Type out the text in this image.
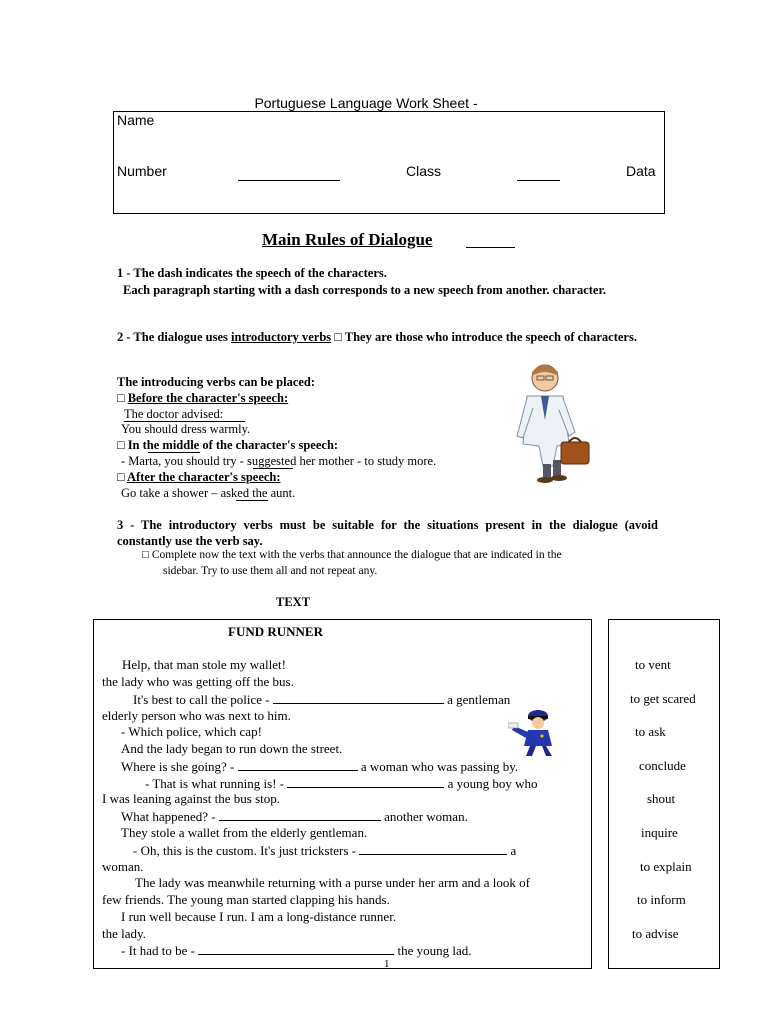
Portuguese Language Work Sheet -
Name
Number	Class	Data
Main Rules of Dialogue
1 - The dash indicates the speech of the characters.
Each paragraph starting with a dash corresponds to a new speech from another. character.
2 - The dialogue uses introductory verbs □ They are those who introduce the speech of characters.
The introducing verbs can be placed:
□ Before the character's speech:
The doctor advised:
You should dress warmly.
□ In the middle of the character's speech:
- Marta, you should try - suggested her mother - to study more.
□ After the character's speech:
Go take a shower – asked the aunt.
3 - The introductory verbs must be suitable for the situations present in the dialogue (avoid constantly use the verb say.
□ Complete now the text with the verbs that announce the dialogue that are indicated in the
sidebar. Try to use them all and not repeat any.
TEXT
FUND RUNNER
Help, that man stole my wallet!
the lady who was getting off the bus.
It's best to call the police -	a gentleman
elderly person who was next to him.
- Which police, which cap!
And the lady began to run down the street.
Where is she going? -	a woman who was passing by.
- That is what running is! -	a young boy who
I was leaning against the bus stop.
What happened? -	another woman.
They stole a wallet from the elderly gentleman.
- Oh, this is the custom. It's just tricksters -	a
woman.
The lady was meanwhile returning with a purse under her arm and a look of
few friends. The young man started clapping his hands.
I run well because I run. I am a long-distance runner.
the lady.
- It had to be -	the young lad.
to vent
to get scared
to ask
conclude
shout
inquire
to explain
to inform
to advise
1
